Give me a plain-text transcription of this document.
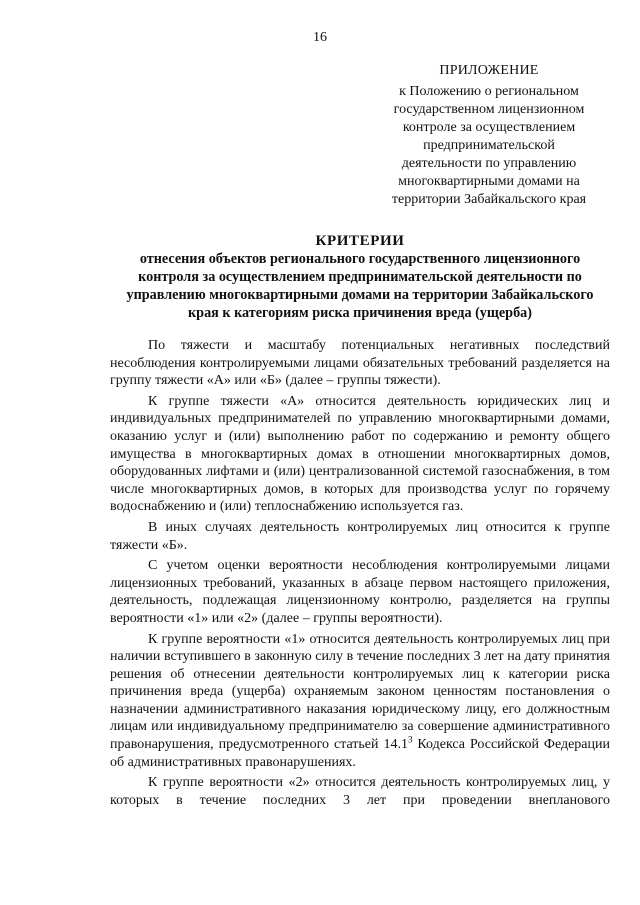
16
ПРИЛОЖЕНИЕ
к Положению о региональном государственном лицензионном контроле за осуществлением предпринимательской деятельности по управлению многоквартирными домами на территории Забайкальского края
КРИТЕРИИ
отнесения объектов регионального государственного лицензионного контроля за осуществлением предпринимательской деятельности по управлению многоквартирными домами на территории Забайкальского края к категориям риска причинения вреда (ущерба)

По тяжести и масштабу потенциальных негативных последствий несоблюдения контролируемыми лицами обязательных требований разделяется на группу тяжести «А» или «Б» (далее – группы тяжести).

К группе тяжести «А» относится деятельность юридических лиц и индивидуальных предпринимателей по управлению многоквартирными домами, оказанию услуг и (или) выполнению работ по содержанию и ремонту общего имущества в многоквартирных домах в отношении многоквартирных домов, оборудованных лифтами и (или) централизованной системой газоснабжения, в том числе многоквартирных домов, в которых для производства услуг по горячему водоснабжению и (или) теплоснабжению используется газ.

В иных случаях деятельность контролируемых лиц относится к группе тяжести «Б».

С учетом оценки вероятности несоблюдения контролируемыми лицами лицензионных требований, указанных в абзаце первом настоящего приложения, деятельность, подлежащая лицензионному контролю, разделяется на группы вероятности «1» или «2» (далее – группы вероятности).

К группе вероятности «1» относится деятельность контролируемых лиц при наличии вступившего в законную силу в течение последних 3 лет на дату принятия решения об отнесении деятельности контролируемых лиц к категории риска причинения вреда (ущерба) охраняемым законом ценностям постановления о назначении административного наказания юридическому лицу, его должностным лицам или индивидуальному предпринимателю за совершение административного правонарушения, предусмотренного статьей 14.1$^3$ Кодекса Российской Федерации об административных правонарушениях.

К группе вероятности «2» относится деятельность контролируемых лиц, у которых в течение последних 3 лет при проведении внепланового
